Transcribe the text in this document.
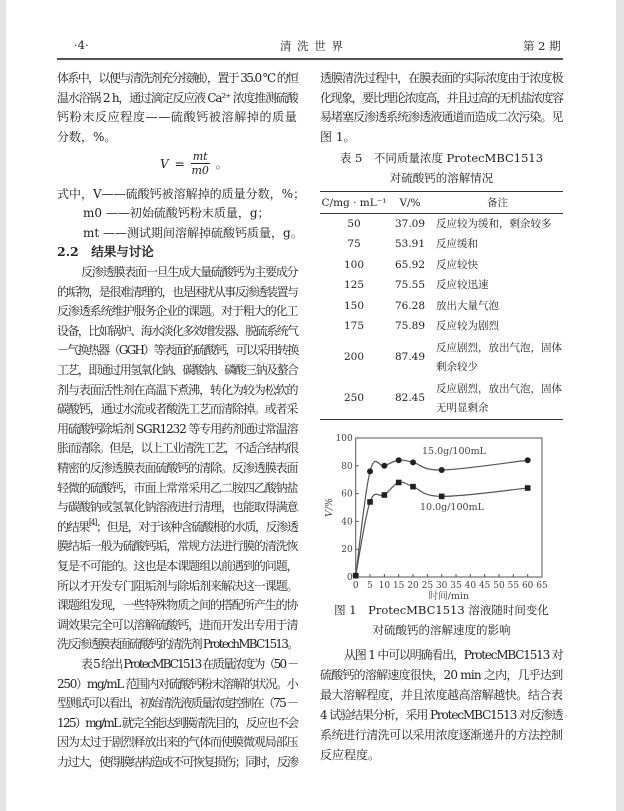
·4·	清 洗 世 界	第 2 期
体系中，以便与清洗剂充分接触），置于 35.0 ℃ 的恒
温水浴锅 2 h，通过滴定反应液 Ca²⁺ 浓度推测硫酸
钙粉末反应程度——硫酸钙被溶解掉的质量
分数，%。
$V = \frac{mt}{m0}$ 。
式中，V——硫酸钙被溶解掉的质量分数，%；
m0 ——初始硫酸钙粉末质量，g；
mt ——测试期间溶解掉硫酸钙质量，g。
2.2　结果与讨论
反渗透膜表面一旦生成大量硫酸钙为主要成分
的垢物，是很难清理的，也是困扰从事反渗透装置与
反渗透系统维护服务企业的课题。对于粗大的化工
设备，比如锅炉、海水淡化多效增发器、脱硫系统气
－气换热器（GGH）等表面的硫酸钙，可以采用转换
工艺，即通过用氢氧化钠、碳酸钠、磷酸三钠及螯合
剂与表面活性剂在高温下煮沸，转化为较为松软的
碳酸钙，通过水流或者酸洗工艺而清除掉。或者采
用硫酸钙除垢剂 SGR1232 等专用药剂通过常温溶
胀而清除。但是，以上工业清洗工艺，不适合结构很
精密的反渗透膜表面硫酸钙的清除。反渗透膜表面
轻微的硫酸钙，市面上常常采用乙二胺四乙酸钠盐
与碳酸钠或氢氧化钠溶液进行清理，也能取得满意
的结果[4]；但是，对于该种含硫酸根的水质，反渗透
膜结垢一般为硫酸钙垢，常规方法进行膜的清洗恢
复是不可能的。这也是本课题组以前遇到的问题，
所以才开发专门阻垢剂与除垢剂来解决这一课题。
课题组发现，一些特殊物质之间的搭配所产生的协
调效果完全可以溶解硫酸钙，进而开发出专用于清
洗反渗透膜表面硫酸钙的清洗剂 ProtechMBC1513。
表 5 给出 ProtecMBC1513 在质量浓度为（50 －
250）mg/mL 范围内对硫酸钙粉末溶解的状况。小
型测试可以看出，初始清洗液质量浓度控制在（75 －
125）mg/mL 就完全能达到膜清洗目的，反应也不会
因为太过于剧烈释放出来的气体而使膜微观局部压
力过大，使得膜结构造成不可恢复损伤；同时，反渗
透膜清洗过程中，在膜表面的实际浓度由于浓度极
化现象，要比理论浓度高，并且过高的无机盐浓度容
易堵塞反渗透系统渗透液通道而造成二次污染。见
图 1。
表 5　不同质量浓度 ProtecMBC1513
对硫酸钙的溶解情况
C/mg · mL⁻¹	V/%	备注
50	37.09	反应较为缓和，剩余较多
75	53.91	反应缓和
100	65.92	反应较快
125	75.55	反应较迅速
150	76.28	放出大量气泡
175	75.89	反应较为剧烈
200	87.49	反应剧烈，放出气泡，固体剩余较少
250	82.45	反应剧烈，放出气泡，固体无明显剩余
0 5 10 15 20 25 30 35 40 45 50 55 60 65
0
20
40
60
80
100
时间/min
V/%
15.0g/100mL
10.0g/100mL
图 1　ProtecMBC1513 溶液随时间变化
对硫酸钙的溶解速度的影响
从图 1 中可以明确看出，ProtecMBC1513 对
硫酸钙的溶解速度很快，20 min 之内，几乎达到
最大溶解程度，并且浓度越高溶解越快。结合表
4 试验结果分析，采用 ProtecMBC1513 对反渗透
系统进行清洗可以采用浓度逐渐递升的方法控制
反应程度。
